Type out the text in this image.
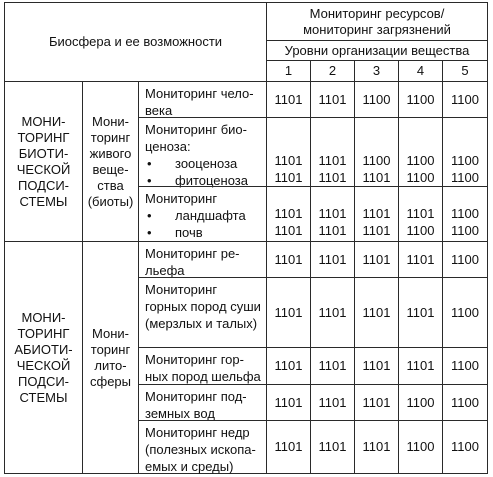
Биосфера и ее возможности
Мониторинг ресурсов/
мониторинг загрязнений
Уровни организации вещества
1	2	3	4	5
МОНИ-
ТОРИНГ
БИОТИ-
ЧЕСКОЙ
ПОДСИ-
СТЕМЫ
Мони-
торинг
живого
веще-
ства
(биоты)
МОНИ-
ТОРИНГ
АБИОТИ-
ЧЕСКОЙ
ПОДСИ-
СТЕМЫ
Мони-
торинг
лито-
сферы
Мониторинг чело-
века
1101 1101 1100 1100 1100
Мониторинг био-
ценоза:
• зооценоза
• фитоценоза
1101	1101	1100	1100	1100
1101	1101	1101	1100	1100
Мониторинг
• ландшафта
• почв
1101	1101	1101	1101	1100
1101	1101	1101	1100	1100
Мониторинг ре-
льефа
1101 1101 1101 1101 1100
Мониторинг
горных пород суши
(мерзлых и талых)
1101 1101 1101 1101 1100
Мониторинг гор-
ных пород шельфа
1101 1101 1101 1101 1100
Мониторинг под-
земных вод
1101 1101 1101 1100 1100
Мониторинг недр
(полезных ископа-
емых и среды)
1101 1101 1101 1100 1100
